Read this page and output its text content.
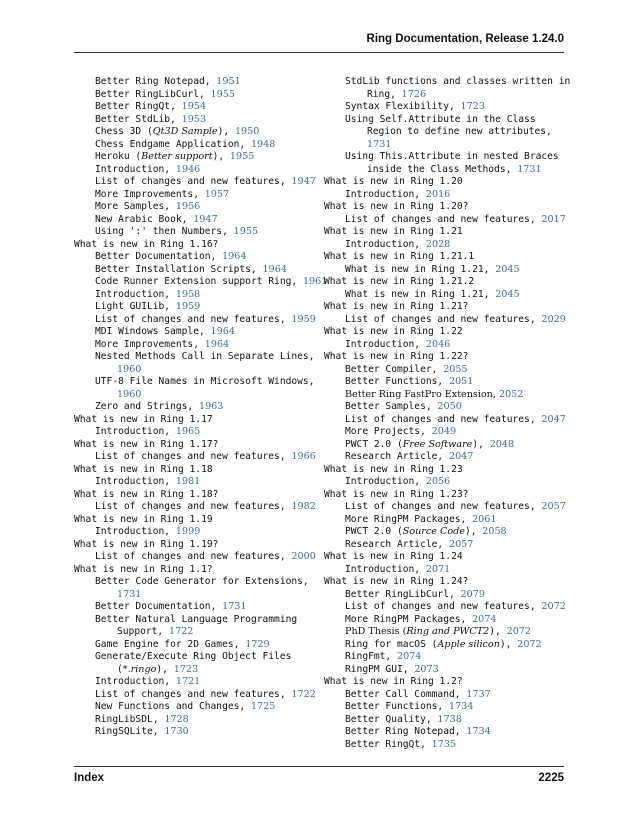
Ring Documentation, Release 1.24.0
Better Ring Notepad, 1951
Better RingLibCurl, 1955
Better RingQt, 1954
Better StdLib, 1953
Chess 3D (Qt3D Sample), 1950
Chess Endgame Application, 1948
Heroku (Better support), 1955
Introduction, 1946
List of changes and new features, 1947
More Improvements, 1957
More Samples, 1956
New Arabic Book, 1947
Using ':' then Numbers, 1955
What is new in Ring 1.16?
Better Documentation, 1964
Better Installation Scripts, 1964
Code Runner Extension support Ring, 1961
Introduction, 1958
Light GUILib, 1959
List of changes and new features, 1959
MDI Windows Sample, 1964
More Improvements, 1964
Nested Methods Call in Separate Lines,
1960
UTF-8 File Names in Microsoft Windows,
1960
Zero and Strings, 1963
What is new in Ring 1.17
Introduction, 1965
What is new in Ring 1.17?
List of changes and new features, 1966
What is new in Ring 1.18
Introduction, 1981
What is new in Ring 1.18?
List of changes and new features, 1982
What is new in Ring 1.19
Introduction, 1999
What is new in Ring 1.19?
List of changes and new features, 2000
What is new in Ring 1.1?
Better Code Generator for Extensions,
1731
Better Documentation, 1731
Better Natural Language Programming
Support, 1722
Game Engine for 2D Games, 1729
Generate/Execute Ring Object Files
(*.ringo), 1723
Introduction, 1721
List of changes and new features, 1722
New Functions and Changes, 1725
RingLibSDL, 1728
RingSQLite, 1730
StdLib functions and classes written in
Ring, 1726
Syntax Flexibility, 1723
Using Self.Attribute in the Class
Region to define new attributes,
1731
Using This.Attribute in nested Braces
inside the Class Methods, 1731
What is new in Ring 1.20
Introduction, 2016
What is new in Ring 1.20?
List of changes and new features, 2017
What is new in Ring 1.21
Introduction, 2028
What is new in Ring 1.21.1
What is new in Ring 1.21, 2045
What is new in Ring 1.21.2
What is new in Ring 1.21, 2045
What is new in Ring 1.21?
List of changes and new features, 2029
What is new in Ring 1.22
Introduction, 2046
What is new in Ring 1.22?
Better Compiler, 2055
Better Functions, 2051
Better Ring FastPro Extension, 2052
Better Samples, 2050
List of changes and new features, 2047
More Projects, 2049
PWCT 2.0 (Free Software), 2048
Research Article, 2047
What is new in Ring 1.23
Introduction, 2056
What is new in Ring 1.23?
List of changes and new features, 2057
More RingPM Packages, 2061
PWCT 2.0 (Source Code), 2058
Research Article, 2057
What is new in Ring 1.24
Introduction, 2071
What is new in Ring 1.24?
Better RingLibCurl, 2079
List of changes and new features, 2072
More RingPM Packages, 2074
PhD Thesis (Ring and PWCT2), 2072
Ring for macOS (Apple silicon), 2072
RingFmt, 2074
RingPM GUI, 2073
What is new in Ring 1.2?
Better Call Command, 1737
Better Functions, 1734
Better Quality, 1738
Better Ring Notepad, 1734
Better RingQt, 1735
Index	2225
